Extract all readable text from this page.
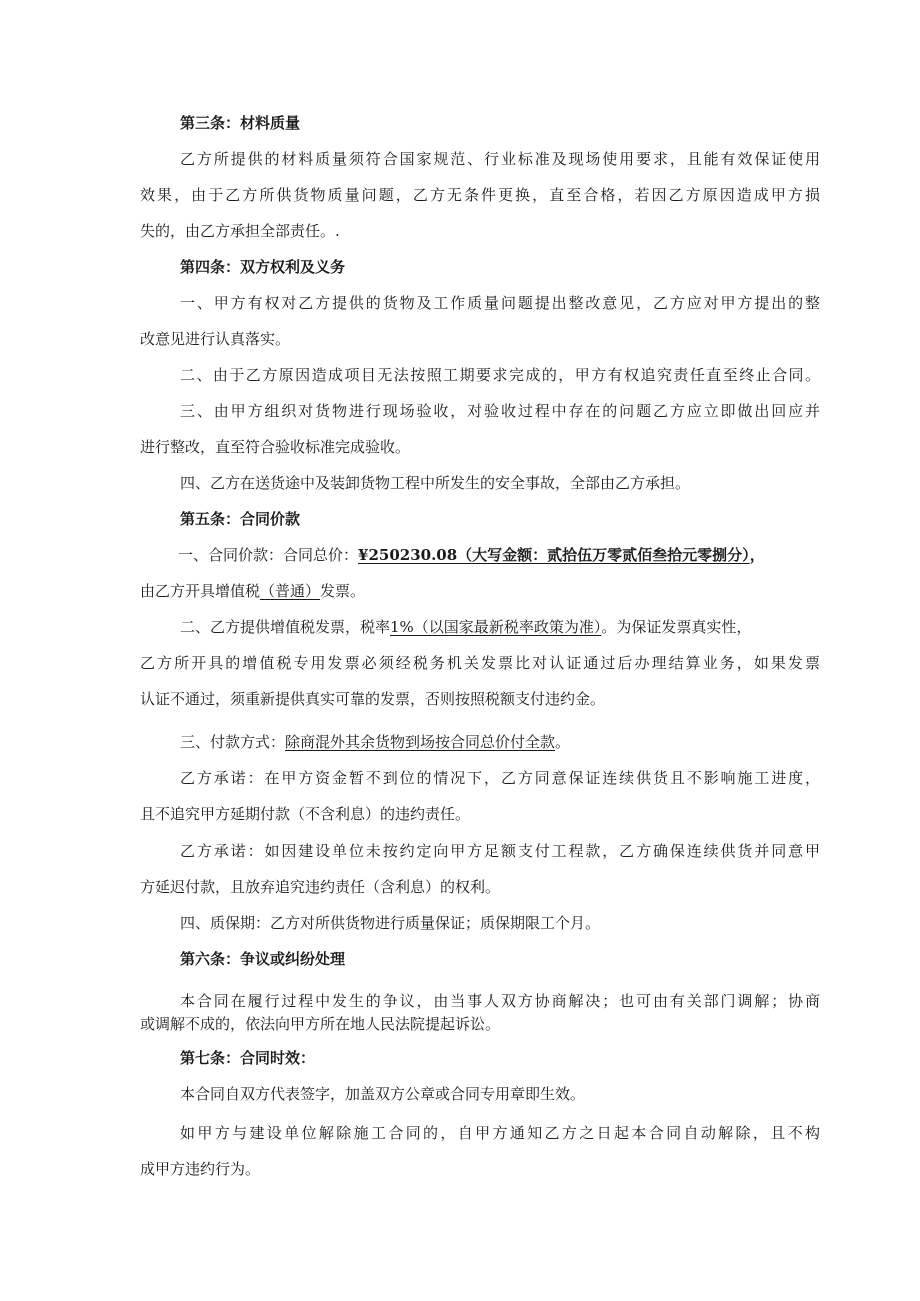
第三条：材料质量
乙方所提供的材料质量须符合国家规范、行业标准及现场使用要求，且能有效保证使用
效果，由于乙方所供货物质量问题，乙方无条件更换，直至合格，若因乙方原因造成甲方损
失的，由乙方承担全部责任。.
第四条：双方权利及义务
一、甲方有权对乙方提供的货物及工作质量问题提出整改意见，乙方应对甲方提出的整
改意见进行认真落实。
二、由于乙方原因造成项目无法按照工期要求完成的，甲方有权追究责任直至终止合同。
三、由甲方组织对货物进行现场验收，对验收过程中存在的问题乙方应立即做出回应并
进行整改，直至符合验收标准完成验收。
四、乙方在送货途中及装卸货物工程中所发生的安全事故，全部由乙方承担。
第五条：合同价款
一、合同价款：合同总价：¥250230.08（大写金额：贰拾伍万零贰佰叁拾元零捌分），
由乙方开具增值税（普通）发票。
二、乙方提供增值税发票，税率1%（以国家最新税率政策为准）。为保证发票真实性，
乙方所开具的增值税专用发票必须经税务机关发票比对认证通过后办理结算业务，如果发票
认证不通过，须重新提供真实可靠的发票，否则按照税额支付违约金。
三、付款方式：除商混外其余货物到场按合同总价付全款。
乙方承诺：在甲方资金暂不到位的情况下，乙方同意保证连续供货且不影响施工进度，
且不追究甲方延期付款（不含利息）的违约责任。
乙方承诺：如因建设单位未按约定向甲方足额支付工程款，乙方确保连续供货并同意甲
方延迟付款，且放弃追究违约责任（含利息）的权利。
四、质保期：乙方对所供货物进行质量保证；质保期限工个月。
第六条：争议或纠纷处理
本合同在履行过程中发生的争议，由当事人双方协商解决；也可由有关部门调解；协商
或调解不成的，依法向甲方所在地人民法院提起诉讼。
第七条：合同时效：
本合同自双方代表签字，加盖双方公章或合同专用章即生效。
如甲方与建设单位解除施工合同的，自甲方通知乙方之日起本合同自动解除，且不构
成甲方违约行为。
